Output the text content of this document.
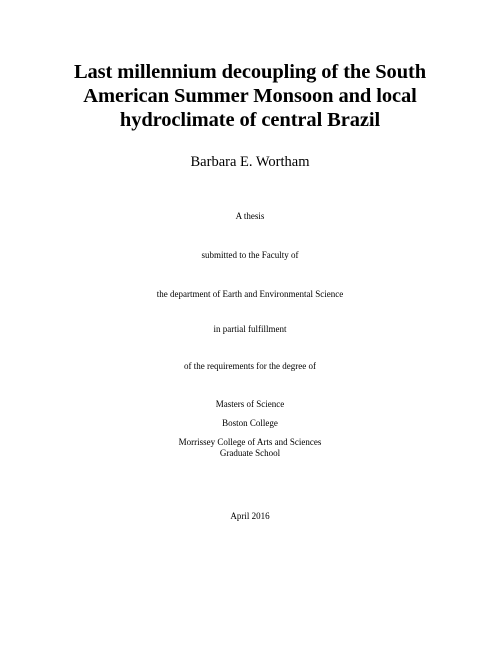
Last millennium decoupling of the South
American Summer Monsoon and local
hydroclimate of central Brazil
Barbara E. Wortham
A thesis
submitted to the Faculty of
the department of Earth and Environmental Science
in partial fulfillment
of the requirements for the degree of
Masters of Science
Boston College
Morrissey College of Arts and Sciences
Graduate School
April 2016
